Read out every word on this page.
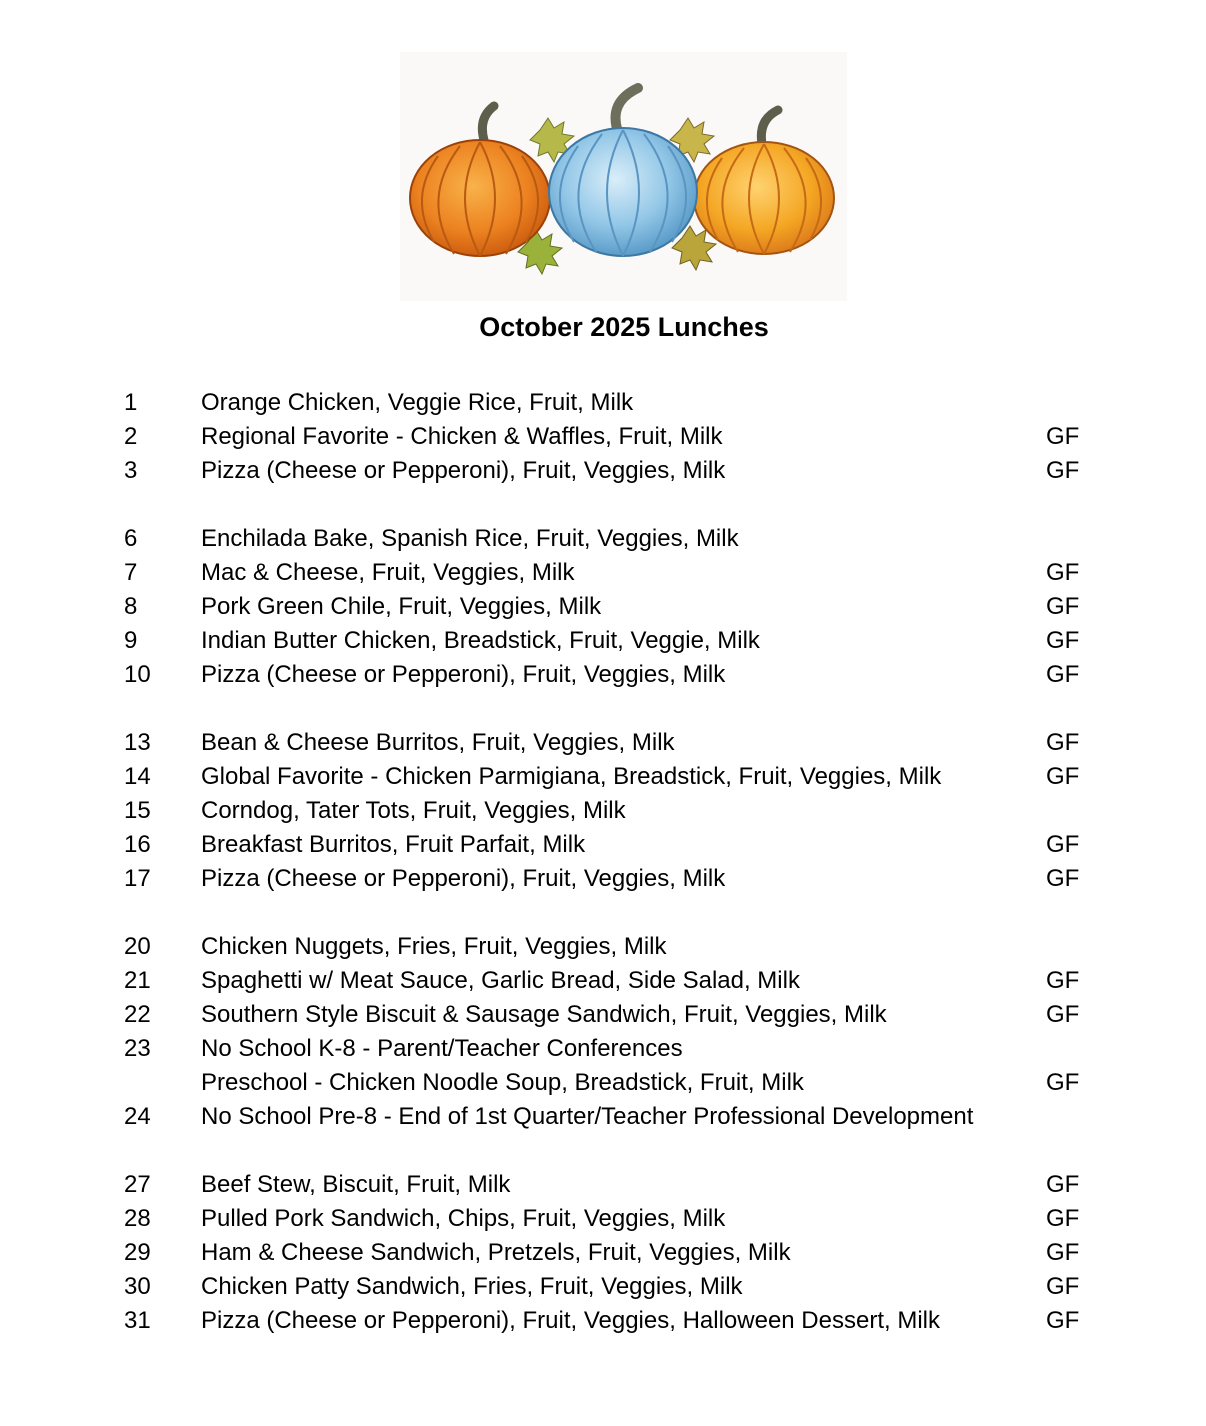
October 2025 Lunches
1	Orange Chicken, Veggie Rice, Fruit, Milk
2	Regional Favorite - Chicken & Waffles, Fruit, Milk	GF
3	Pizza (Cheese or Pepperoni), Fruit, Veggies, Milk	GF
6	Enchilada Bake, Spanish Rice, Fruit, Veggies, Milk
7	Mac & Cheese, Fruit, Veggies, Milk	GF
8	Pork Green Chile, Fruit, Veggies, Milk	GF
9	Indian Butter Chicken, Breadstick, Fruit, Veggie, Milk	GF
10 Pizza (Cheese or Pepperoni), Fruit, Veggies, Milk	GF
13 Bean & Cheese Burritos, Fruit, Veggies, Milk	GF
14 Global Favorite - Chicken Parmigiana, Breadstick, Fruit, Veggies, Milk	GF
15 Corndog, Tater Tots, Fruit, Veggies, Milk
16 Breakfast Burritos, Fruit Parfait, Milk	GF
17 Pizza (Cheese or Pepperoni), Fruit, Veggies, Milk	GF
20 Chicken Nuggets, Fries, Fruit, Veggies, Milk
21 Spaghetti w/ Meat Sauce, Garlic Bread, Side Salad, Milk	GF
22 Southern Style Biscuit & Sausage Sandwich, Fruit, Veggies, Milk	GF
23 No School K-8 - Parent/Teacher Conferences
Preschool - Chicken Noodle Soup, Breadstick, Fruit, Milk	GF
24 No School Pre-8 - End of 1st Quarter/Teacher Professional Development
27 Beef Stew, Biscuit, Fruit, Milk	GF
28 Pulled Pork Sandwich, Chips, Fruit, Veggies, Milk	GF
29 Ham & Cheese Sandwich, Pretzels, Fruit, Veggies, Milk	GF
30 Chicken Patty Sandwich, Fries, Fruit, Veggies, Milk	GF
31 Pizza (Cheese or Pepperoni), Fruit, Veggies, Halloween Dessert, Milk	GF
